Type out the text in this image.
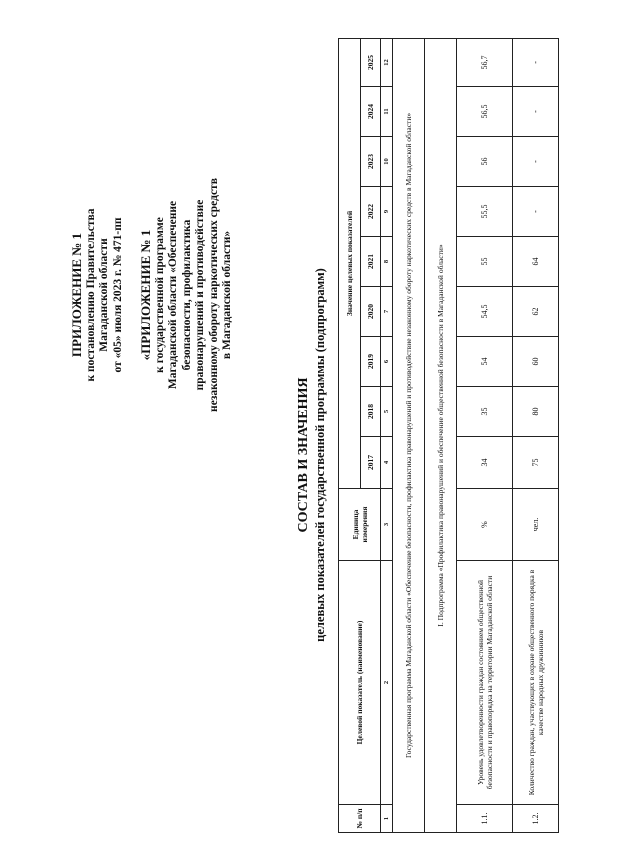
ПРИЛОЖЕНИЕ № 1 к постановлению Правительства Магаданской области от «05» июля 2023 г. № 471-пп «ПРИЛОЖЕНИЕ № 1 к государственной программе Магаданской области «Обеспечение безопасности, профилактика правонарушений и противодействие незаконному обороту наркотических средств в Магаданской области»
СОСТАВ И ЗНАЧЕНИЯ целевых показателей государственной программы (подпрограмм)
№ п/п	Целевой показатель (наименование)	Единица измерения	Значение целевых показателей								
			2017	2018	2019	2020	2021	2022	2023	2024	2025
1	2	3	4	5	6	7	8	9	10	11	12
Государственная программа Магаданской области «Обеспечение безопасности, профилактика правонарушений и противодействие незаконному обороту наркотических средств в Магаданской области»											
I. Подпрограмма «Профилактика правонарушений и обеспечение общественной безопасности в Магаданской области»											
1.1.	Уровень удовлетворенности граждан состоянием общественной безопасности и правопорядка на территории Магаданской области	%	34	35	54	54,5	55	55,5	56	56,5	56,7
1.2.	Количество граждан, участвующих в охране общественного порядка в качестве народных дружинников	чел.	75	80	60	62	64	-	-	-	-
